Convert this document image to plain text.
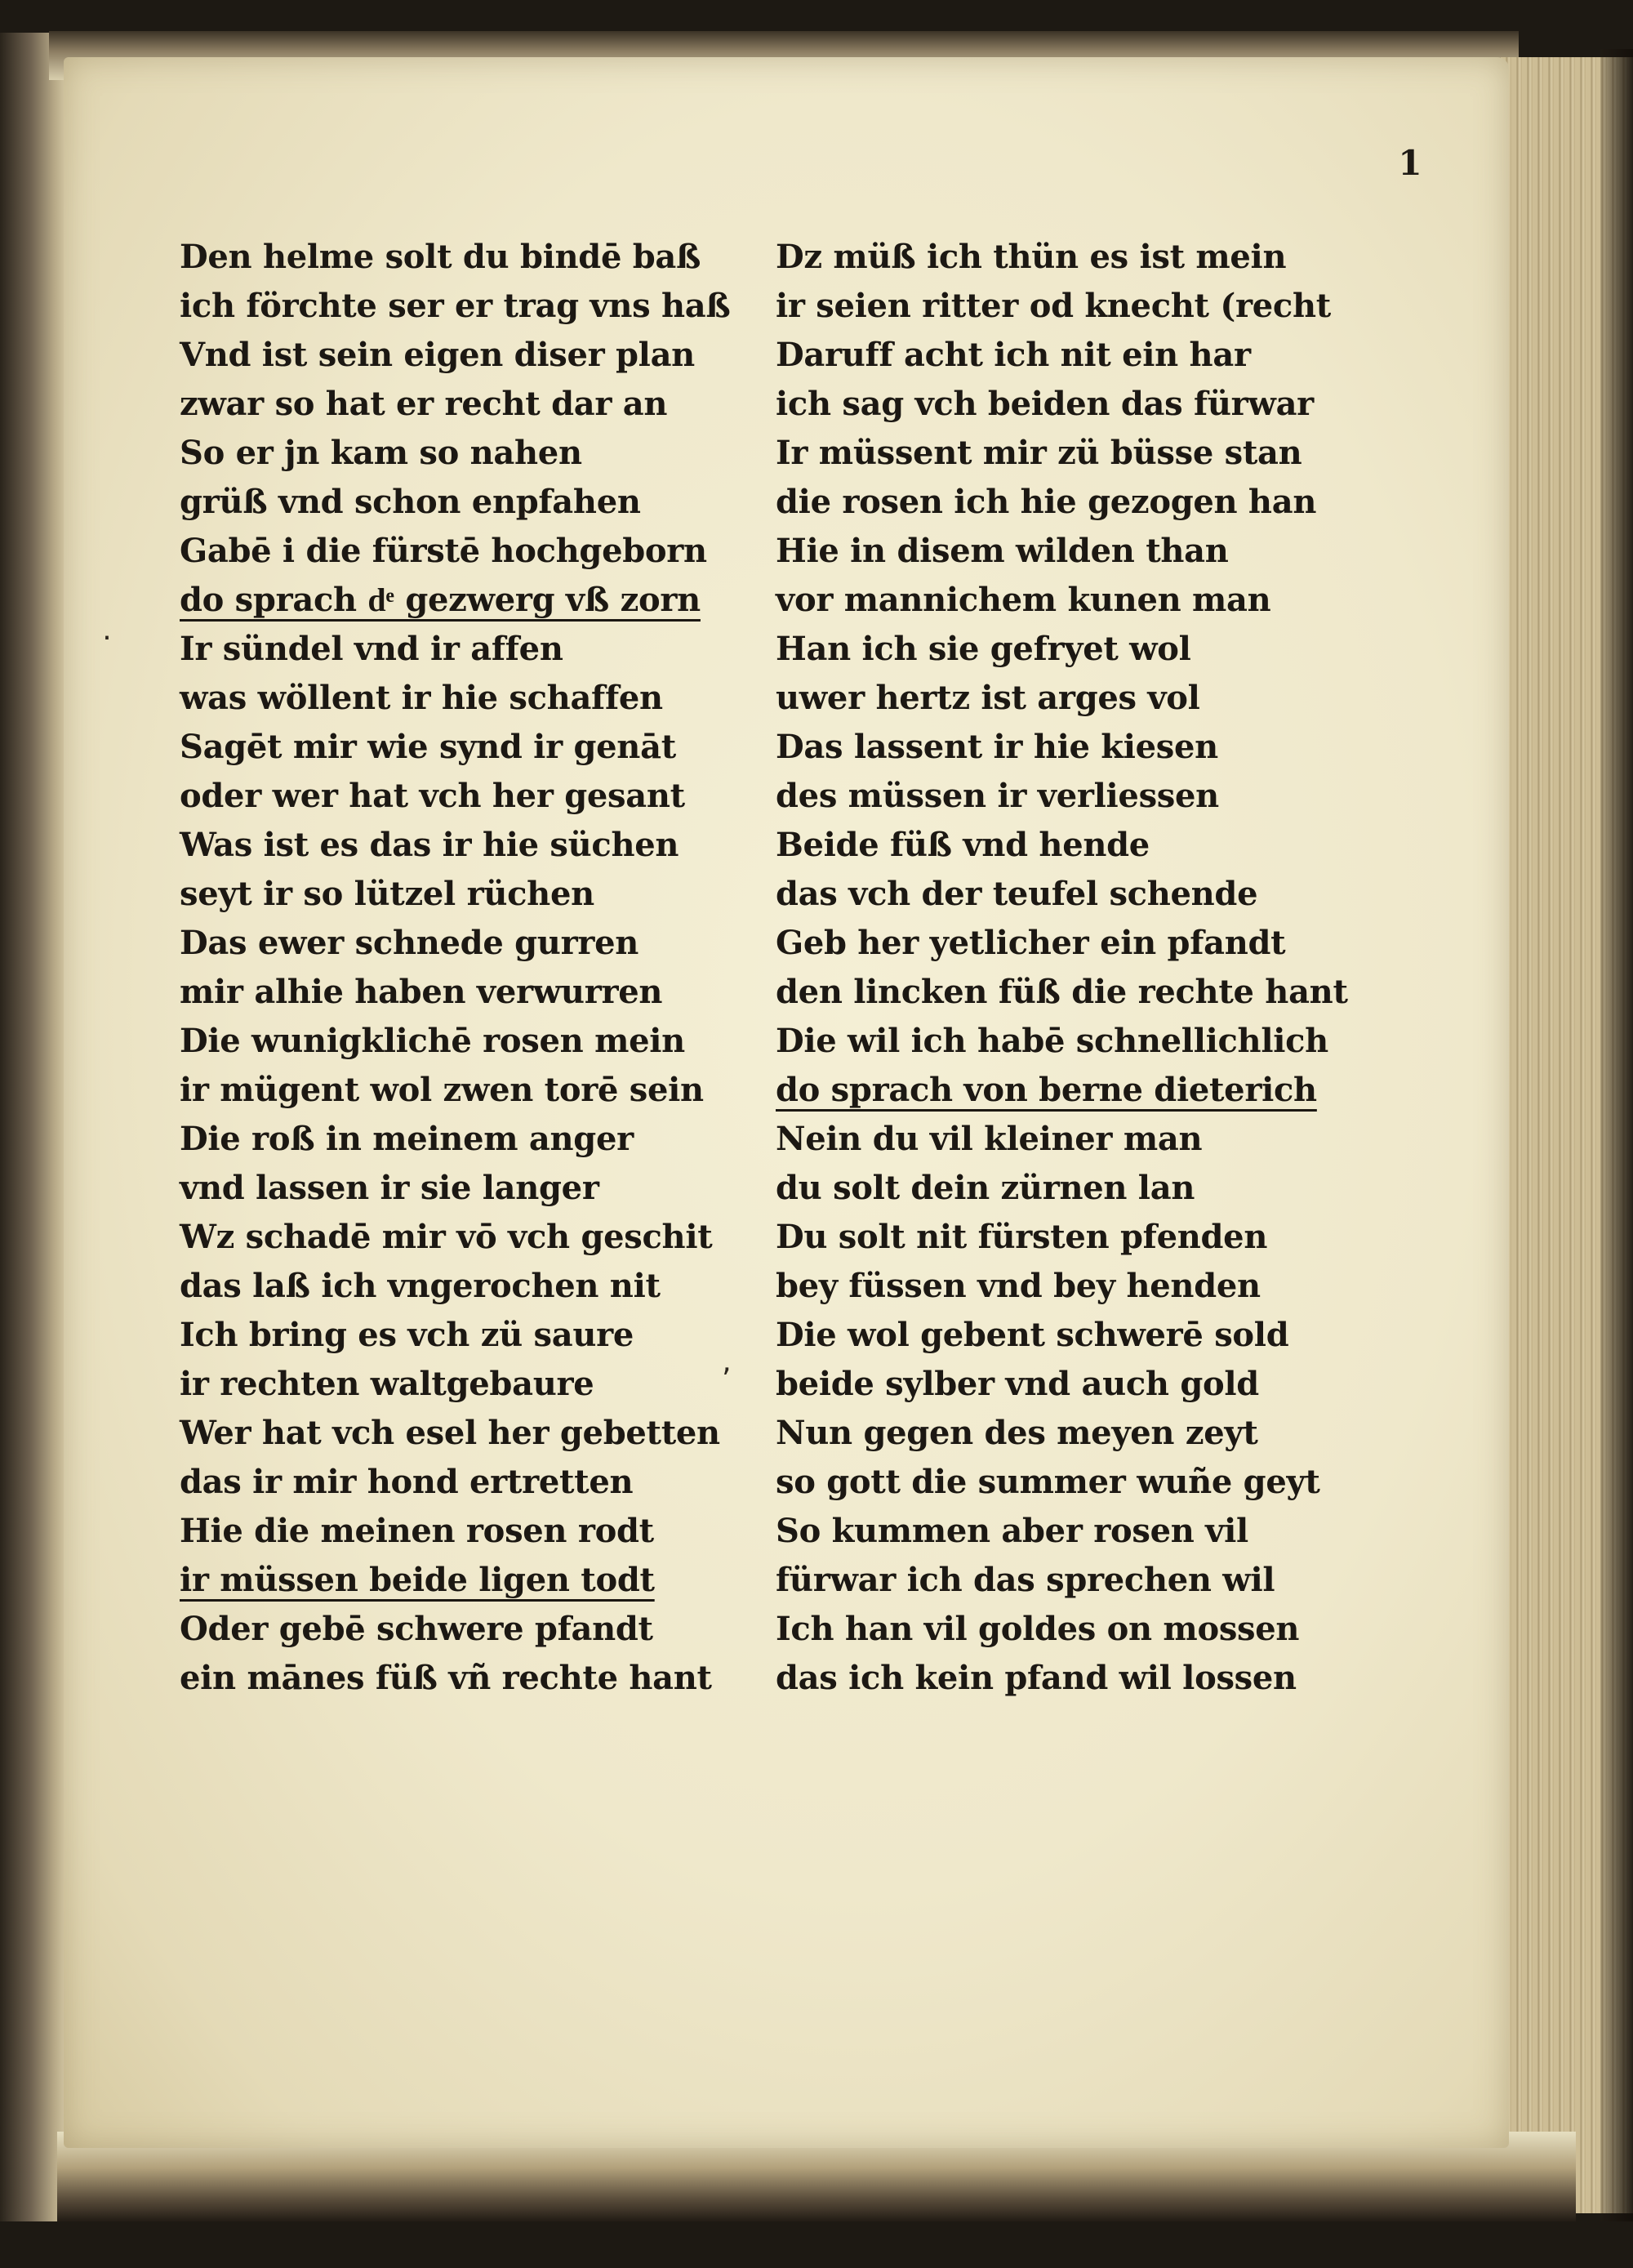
1
Den helme solt du bindē baß
ich förchte ser er trag vns haß
Vnd ist sein eigen diser plan
zwar so hat er recht dar an
So er jn kam so nahen
grüß vnd schon enpfahen
Gabē i die fürstē hochgeborn
do sprach dͤ gezwerg vß zorn
Ir sündel vnd ir affen
was wöllent ir hie schaffen
Sagēt mir wie synd ir genāt
oder wer hat vch her gesant
Was ist es das ir hie süchen
seyt ir so lützel rüchen
Das ewer schnede gurren
mir alhie haben verwurren
Die wunigklichē rosen mein
ir mügent wol zwen torē sein
Die roß in meinem anger
vnd lassen ir sie langer
Wz schadē mir vō vch geschit
das laß ich vngerochen nit
Ich bring es vch zü saure
ir rechten waltgebaure
Wer hat vch esel her gebetten
das ir mir hond ertretten
Hie die meinen rosen rodt
ir müssen beide ligen todt
Oder gebē schwere pfandt
ein mānes füß vñ rechte hant
Dz müß ich thün es ist mein
ir seien ritter od knecht (recht
Daruff acht ich nit ein har
ich sag vch beiden das fürwar
Ir müssent mir zü büsse stan
die rosen ich hie gezogen han
Hie in disem wilden than
vor mannichem kunen man
Han ich sie gefryet wol
uwer hertz ist arges vol
Das lassent ir hie kiesen
des müssen ir verliessen
Beide füß vnd hende
das vch der teufel schende
Geb her yetlicher ein pfandt
den lincken füß die rechte hant
Die wil ich habē schnellichlich
do sprach von berne dieterich
Nein du vil kleiner man
du solt dein zürnen lan
Du solt nit fürsten pfenden
bey füssen vnd bey henden
Die wol gebent schwerē sold
beide sylber vnd auch gold
Nun gegen des meyen zeyt
so gott die summer wuñe geyt
So kummen aber rosen vil
fürwar ich das sprechen wil
Ich han vil goldes on mossen
das ich kein pfand wil lossen
·
,
